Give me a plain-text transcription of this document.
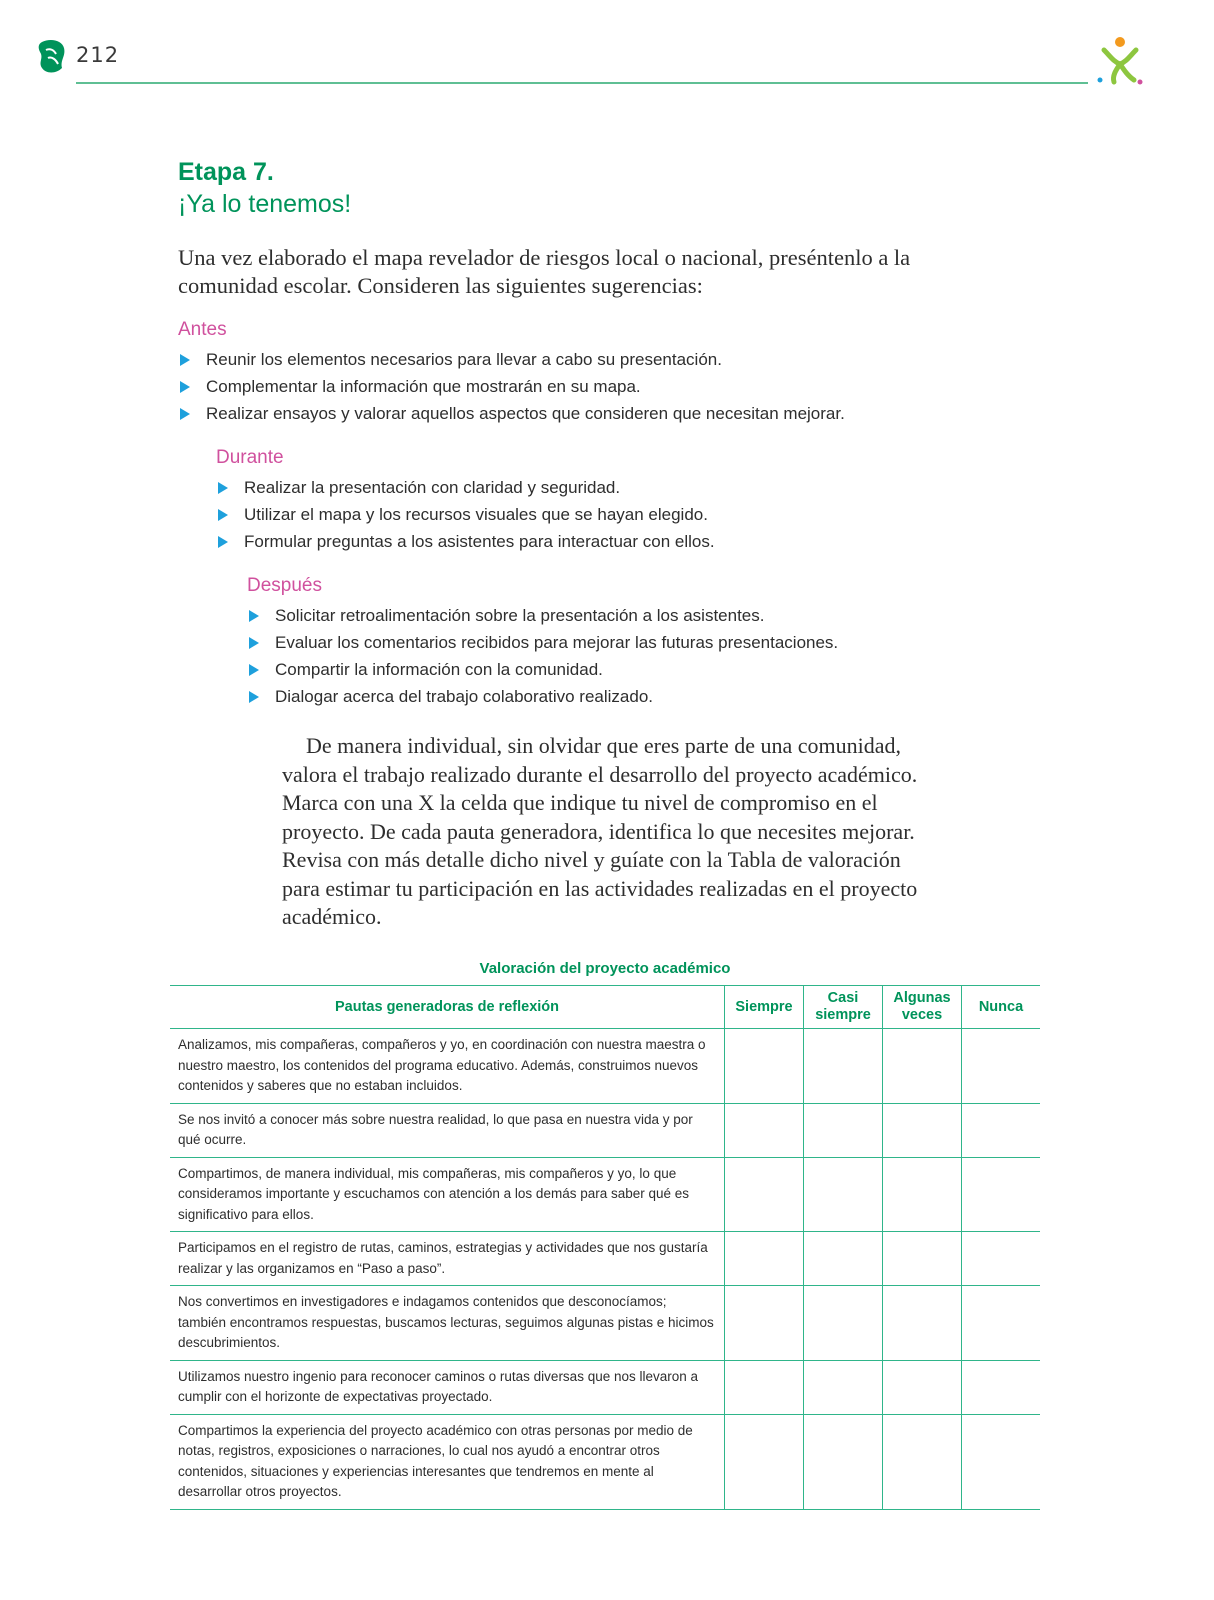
212
Etapa 7.
¡Ya lo tenemos!

Una vez elaborado el mapa revelador de riesgos local o nacional, preséntenlo a la comunidad escolar. Consideren las siguientes sugerencias:

Antes
Reunir los elementos necesarios para llevar a cabo su presentación.
Complementar la información que mostrarán en su mapa.
Realizar ensayos y valorar aquellos aspectos que consideren que necesitan mejorar.
Durante
Realizar la presentación con claridad y seguridad.
Utilizar el mapa y los recursos visuales que se hayan elegido.
Formular preguntas a los asistentes para interactuar con ellos.
Después
Solicitar retroalimentación sobre la presentación a los asistentes.
Evaluar los comentarios recibidos para mejorar las futuras presentaciones.
Compartir la información con la comunidad.
Dialogar acerca del trabajo colaborativo realizado.

De manera individual, sin olvidar que eres parte de una comunidad, valora el trabajo realizado durante el desarrollo del proyecto académico. Marca con una X la celda que indique tu nivel de compromiso en el proyecto. De cada pauta generadora, identifica lo que necesites mejorar. Revisa con más detalle dicho nivel y guíate con la Tabla de valoración para estimar tu participación en las actividades realizadas en el proyecto académico.

Valoración del proyecto académico
Pautas generadoras de reflexión	Siempre	Casi siempre	Algunas veces	Nunca
Analizamos, mis compañeras, compañeros y yo, en coordinación con nuestra maestra o nuestro maestro, los contenidos del programa educativo. Además, construimos nuevos contenidos y saberes que no estaban incluidos.				
Se nos invitó a conocer más sobre nuestra realidad, lo que pasa en nuestra vida y por qué ocurre.				
Compartimos, de manera individual, mis compañeras, mis compañeros y yo, lo que consideramos importante y escuchamos con atención a los demás para saber qué es significativo para ellos.				
Participamos en el registro de rutas, caminos, estrategias y actividades que nos gustaría realizar y las organizamos en “Paso a paso”.				
Nos convertimos en investigadores e indagamos contenidos que desconocíamos; también encontramos respuestas, buscamos lecturas, seguimos algunas pistas e hicimos descubrimientos.				
Utilizamos nuestro ingenio para reconocer caminos o rutas diversas que nos llevaron a cumplir con el horizonte de expectativas proyectado.				
Compartimos la experiencia del proyecto académico con otras personas por medio de notas, registros, exposiciones o narraciones, lo cual nos ayudó a encontrar otros contenidos, situaciones y experiencias interesantes que tendremos en mente al desarrollar otros proyectos.				
